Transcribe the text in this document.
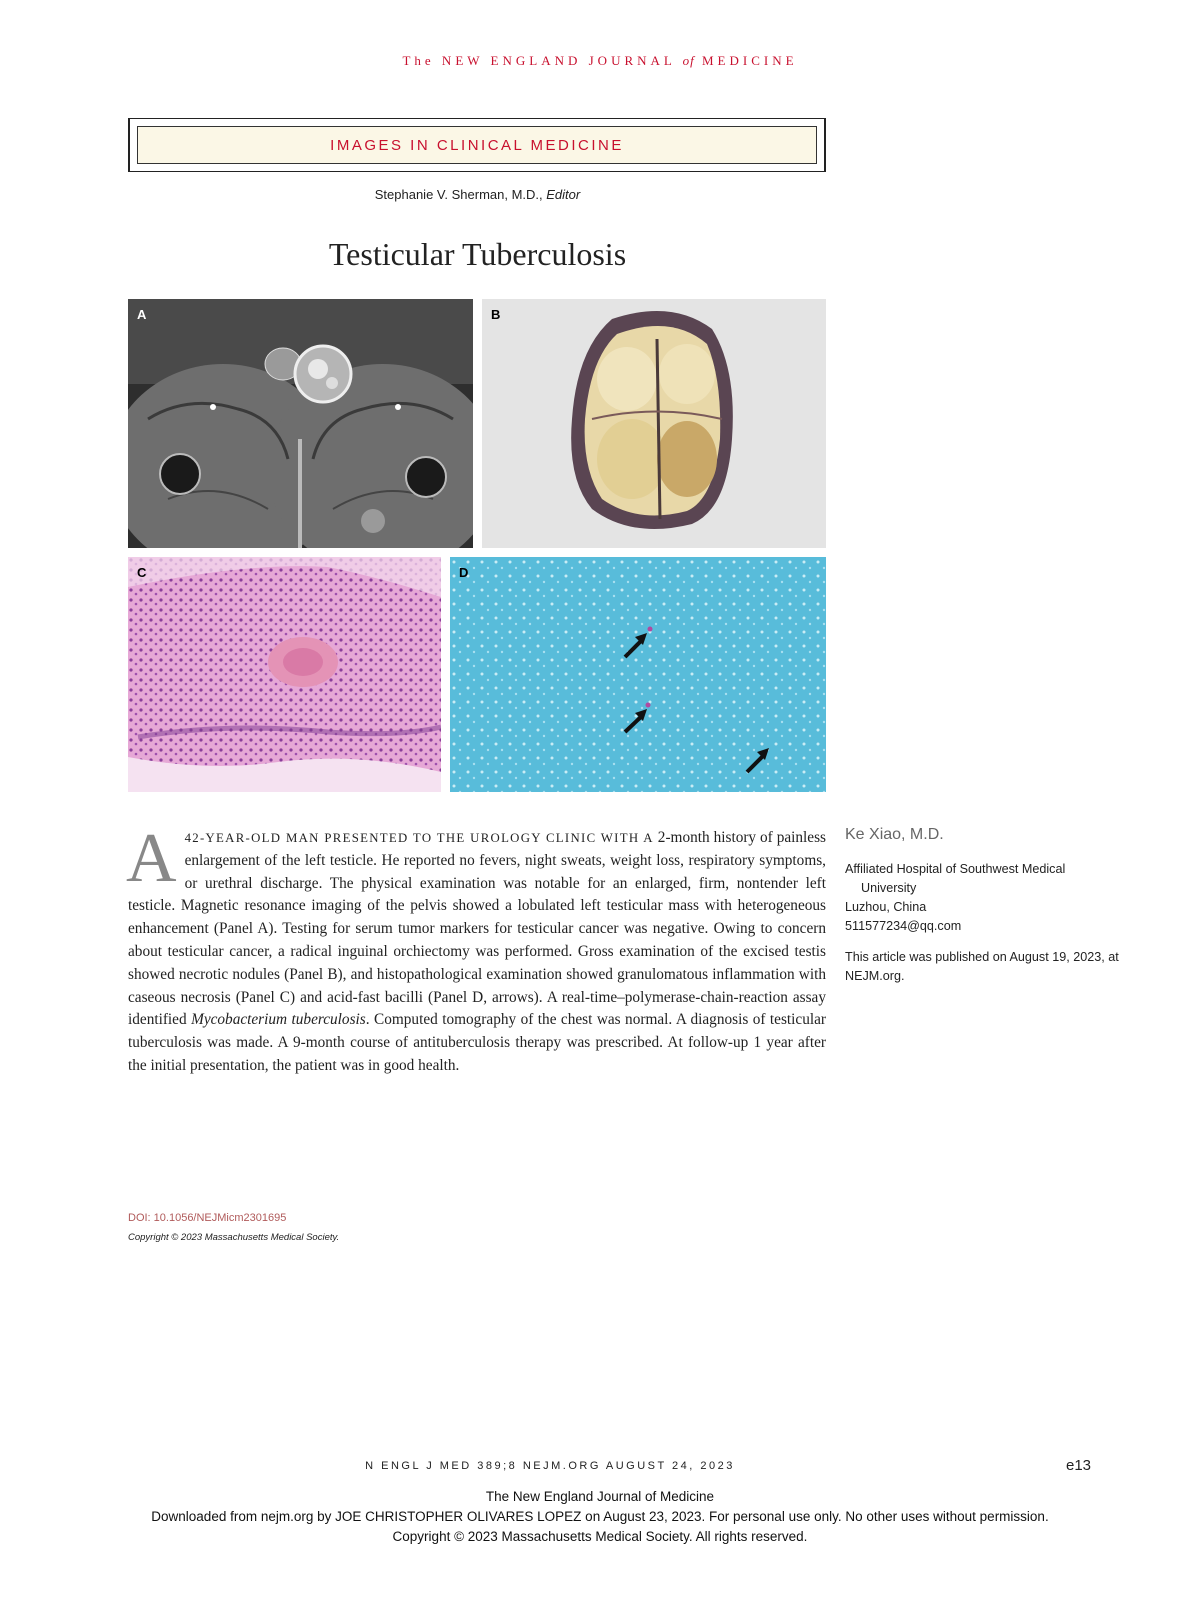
The NEW ENGLAND JOURNAL of MEDICINE
IMAGES IN CLINICAL MEDICINE
Stephanie V. Sherman, M.D., Editor
Testicular Tuberculosis
A	B
C	D
A 42-YEAR-OLD MAN PRESENTED TO THE UROLOGY CLINIC WITH A 2-month history of painless enlargement of the left testicle. He reported no fevers, night sweats, weight loss, respiratory symptoms, or urethral discharge. The physical examination was notable for an enlarged, firm, nontender left testicle. Magnetic resonance imaging of the pelvis showed a lobulated left testicular mass with heterogeneous enhancement (Panel A). Testing for serum tumor markers for testicular cancer was negative. Owing to concern about testicular cancer, a radical inguinal orchiectomy was performed. Gross examination of the excised testis showed necrotic nodules (Panel B), and histopathological examination showed granulomatous inflammation with caseous necrosis (Panel C) and acid-fast bacilli (Panel D, arrows). A real-time–polymerase-chain-reaction assay identified Mycobacterium tuberculosis. Computed tomography of the chest was normal. A diagnosis of testicular tuberculosis was made. A 9-month course of antituberculosis therapy was prescribed. At follow-up 1 year after the initial presentation, the patient was in good health.
DOI: 10.1056/NEJMicm2301695
Copyright © 2023 Massachusetts Medical Society.
Ke Xiao, M.D.
Affiliated Hospital of Southwest Medical
University
Luzhou, China
511577234@qq.com
This article was published on August 19, 2023, at NEJM.org.
N ENGL J MED 389;8 NEJM.ORG AUGUST 24, 2023	e13
The New England Journal of Medicine
Downloaded from nejm.org by JOE CHRISTOPHER OLIVARES LOPEZ on August 23, 2023. For personal use only. No other uses without permission.
Copyright © 2023 Massachusetts Medical Society. All rights reserved.
